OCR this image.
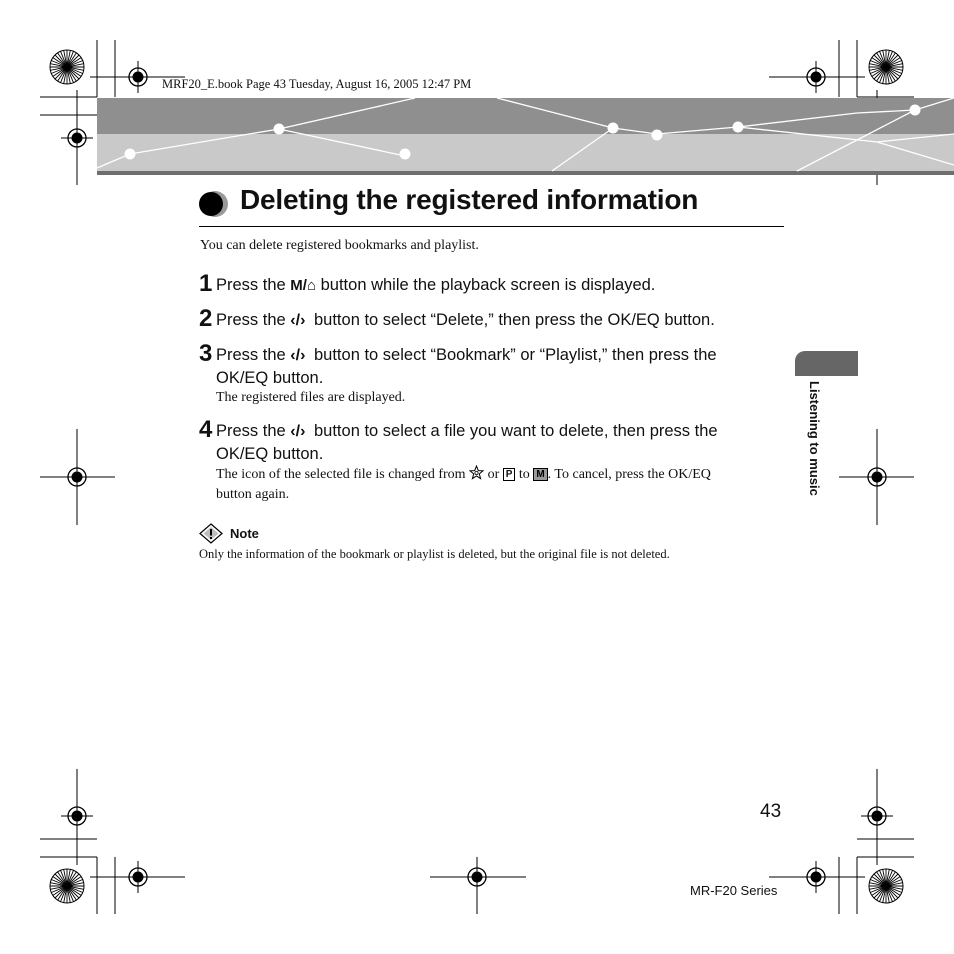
MRF20_E.book Page 43 Tuesday, August 16, 2005 12:47 PM
Deleting the registered information
You can delete registered bookmarks and playlist.
1 Press the M/⌂ button while the playback screen is displayed.
2 Press the ‹/› button to select “Delete,” then press the OK/EQ button.
3 Press the ‹/› button to select “Bookmark” or “Playlist,” then press the
OK/EQ button.
The registered files are displayed.
4 Press the ‹/› button to select a file you want to delete, then press the
OK/EQ button.
The icon of the selected file is changed from  or P to M . To cancel, press the OK/EQ
button again.
Note
Only the information of the bookmark or playlist is deleted, but the original file is not deleted.
Listening to music
43
MR-F20 Series
